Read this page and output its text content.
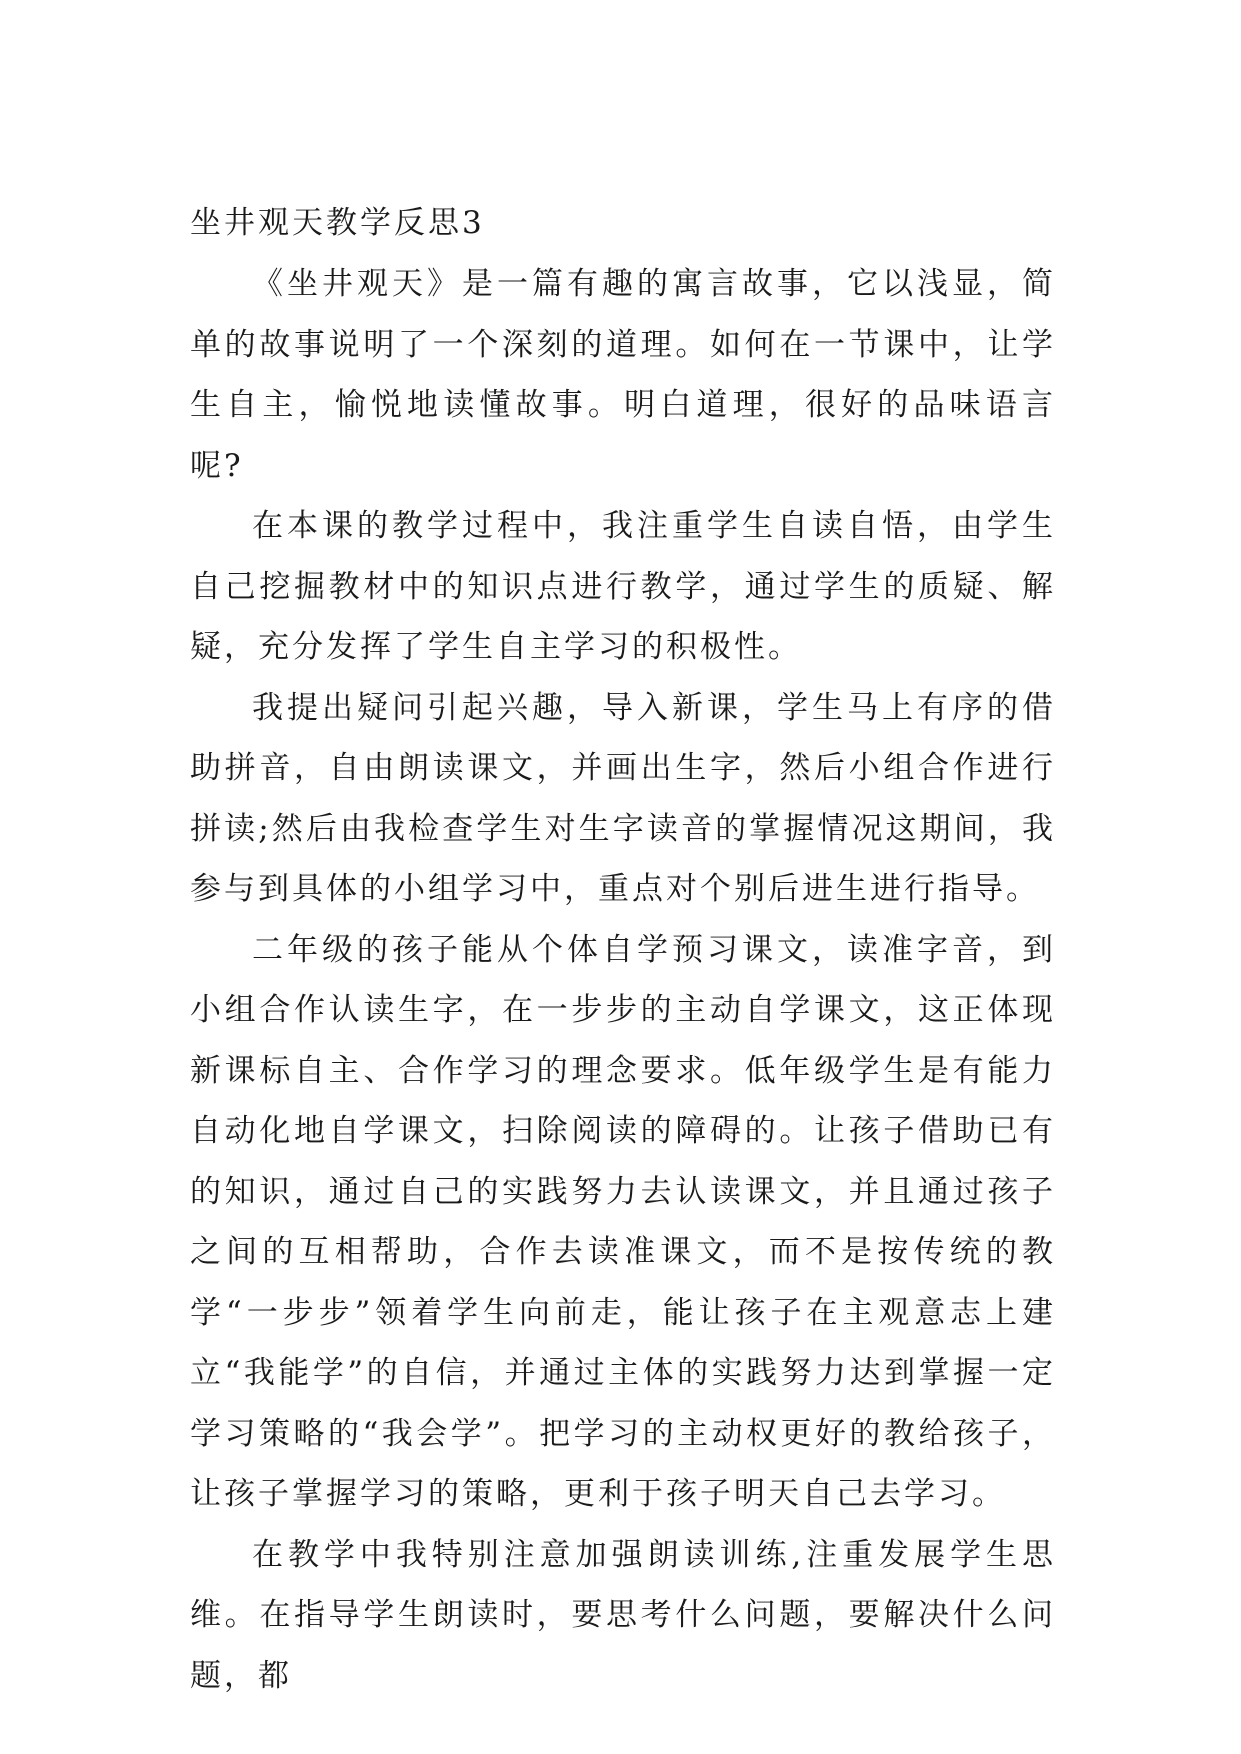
坐井观天教学反思3

《坐井观天》是一篇有趣的寓言故事，它以浅显，简单的故事说明了一个深刻的道理。如何在一节课中，让学生自主，愉悦地读懂故事。明白道理，很好的品味语言呢?

在本课的教学过程中，我注重学生自读自悟，由学生自己挖掘教材中的知识点进行教学，通过学生的质疑、解疑，充分发挥了学生自主学习的积极性。

我提出疑问引起兴趣，导入新课，学生马上有序的借助拼音，自由朗读课文，并画出生字，然后小组合作进行拼读;然后由我检查学生对生字读音的掌握情况这期间，我参与到具体的小组学习中，重点对个别后进生进行指导。

二年级的孩子能从个体自学预习课文，读准字音，到小组合作认读生字，在一步步的主动自学课文，这正体现新课标自主、合作学习的理念要求。低年级学生是有能力自动化地自学课文，扫除阅读的障碍的。让孩子借助已有的知识，通过自己的实践努力去认读课文，并且通过孩子之间的互相帮助，合作去读准课文，而不是按传统的教学“一步步”领着学生向前走，能让孩子在主观意志上建立“我能学”的自信，并通过主体的实践努力达到掌握一定学习策略的“我会学”。把学习的主动权更好的教给孩子，让孩子掌握学习的策略，更利于孩子明天自己去学习。

在教学中我特别注意加强朗读训练,注重发展学生思维。在指导学生朗读时，要思考什么问题，要解决什么问题，都
